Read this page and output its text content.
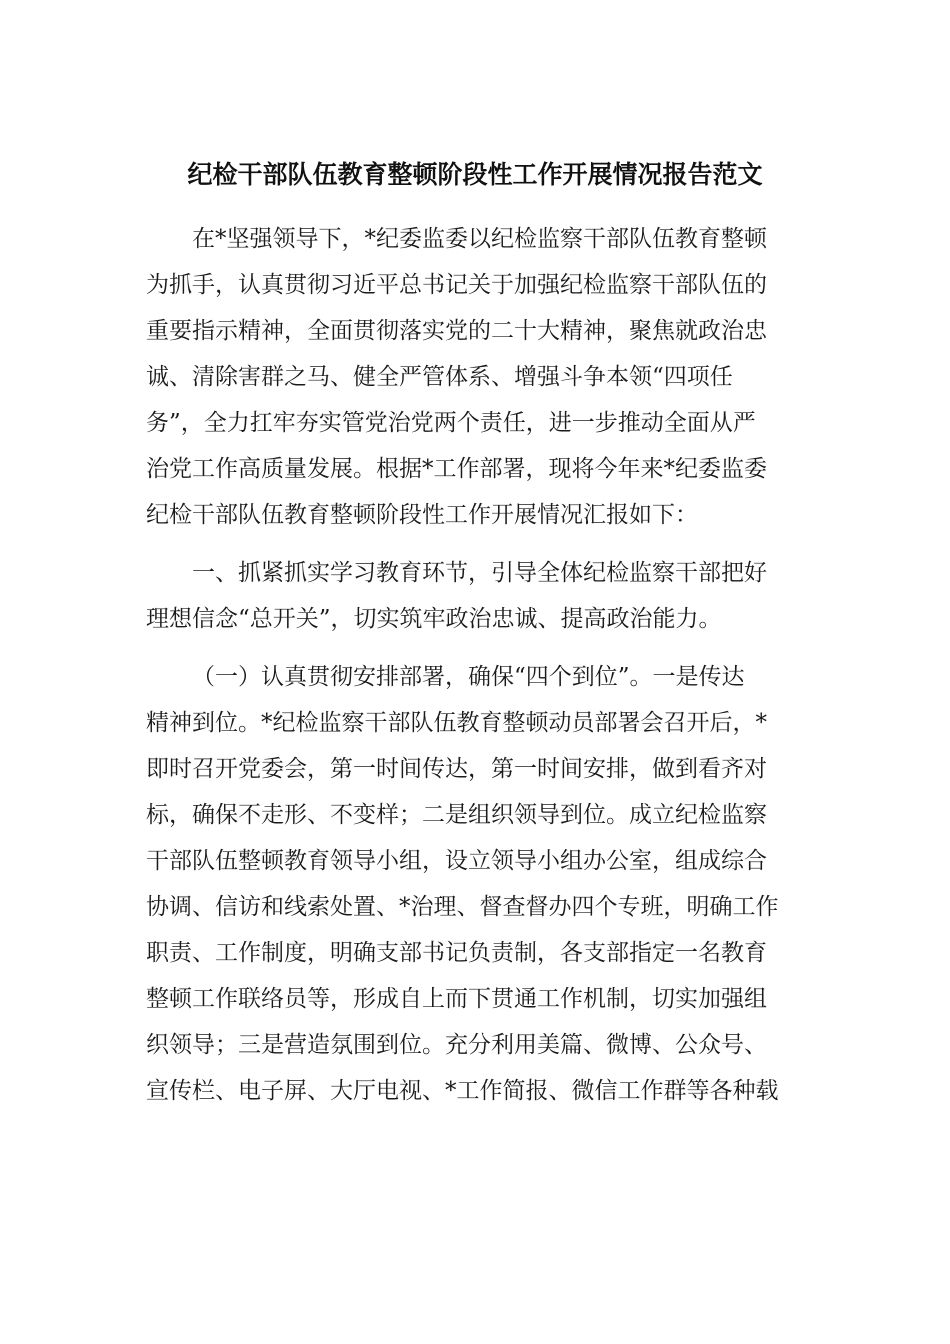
纪检干部队伍教育整顿阶段性工作开展情况报告范文
在*坚强领导下，*纪委监委以纪检监察干部队伍教育整顿
为抓手，认真贯彻习近平总书记关于加强纪检监察干部队伍的
重要指示精神，全面贯彻落实党的二十大精神，聚焦就政治忠
诚、清除害群之马、健全严管体系、增强斗争本领“四项任
务”，全力扛牢夯实管党治党两个责任，进一步推动全面从严
治党工作高质量发展。根据*工作部署，现将今年来*纪委监委
纪检干部队伍教育整顿阶段性工作开展情况汇报如下：
一、抓紧抓实学习教育环节，引导全体纪检监察干部把好
理想信念“总开关”，切实筑牢政治忠诚、提高政治能力。
（一）认真贯彻安排部署，确保“四个到位”。一是传达
精神到位。*纪检监察干部队伍教育整顿动员部署会召开后，*
即时召开党委会，第一时间传达，第一时间安排，做到看齐对
标，确保不走形、不变样；二是组织领导到位。成立纪检监察
干部队伍整顿教育领导小组，设立领导小组办公室，组成综合
协调、信访和线索处置、*治理、督查督办四个专班，明确工作
职责、工作制度，明确支部书记负责制，各支部指定一名教育
整顿工作联络员等，形成自上而下贯通工作机制，切实加强组
织领导；三是营造氛围到位。充分利用美篇、微博、公众号、
宣传栏、电子屏、大厅电视、*工作简报、微信工作群等各种载
